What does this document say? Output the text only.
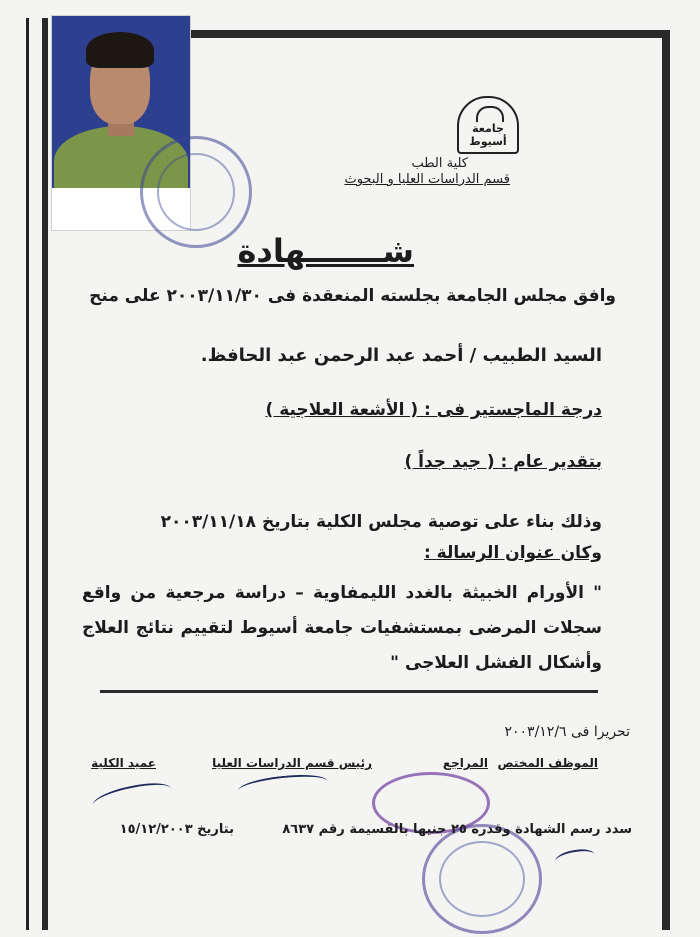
جامعة أسيوط
كلية الطب
قسم الدراسات العليا و البحوث
شـــــــهادة
وافق مجلس الجامعة بجلسته المنعقدة فى ٢٠٠٣/١١/٣٠ على منح
السيد الطبيب / أحمد عبد الرحمن عبد الحافظ.
درجة الماجستير فى : ( الأشعة العلاجية )
بتقدير عام : ( جيد جداً )
وذلك بناء على توصية مجلس الكلية بتاريخ ٢٠٠٣/١١/١٨
وكان عنوان الرسالة :
" الأورام الخبيثة بالغدد الليمفاوية – دراسة مرجعية من واقع سجلات المرضى بمستشفيات جامعة أسيوط لتقييم نتائج العلاج وأشكال الفشل العلاجى "
تحريرا فى ٢٠٠٣/١٢/٦
الموظف المختص
المراجع
رئيس قسم الدراسات العليا
عميد الكلية
سدد رسم الشهادة وقدره ٢٥ جنيها بالقسيمة رقم ٨٦٣٧
بتاريخ ١٥/١٢/٢٠٠٣
